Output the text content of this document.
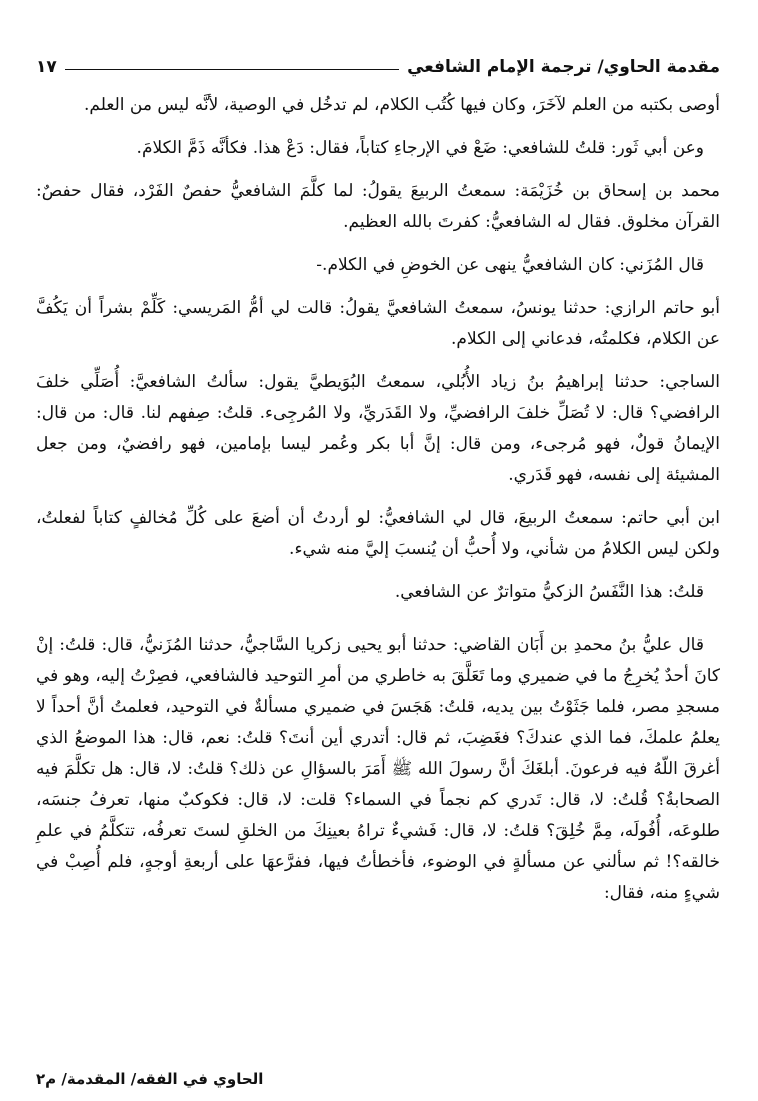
مقدمة الحاوي/ ترجمة الإمام الشافعي
١٧

أوصى بكتبه من العلم لآخَرَ، وكان فيها كُتُب الكلام، لم تدخُل في الوصية، لأنَّه ليس من العلم.

وعن أبي ثَور: قلتُ للشافعي: ضَعْ في الإرجاءِ كتاباً، فقال: دَعْ هذا. فكأنَّه ذَمَّ الكلامَ.

محمد بن إسحاق بن خُزَيْمَة: سمعتُ الربيعَ يقولُ: لما كلَّمَ الشافعيُّ حفصٌ الفَرْد، فقال حفصٌ: القرآن مخلوق. فقال له الشافعيُّ: كفرتَ بالله العظيم.

قال المُزَني: كان الشافعيُّ ينهى عن الخوضِ في الكلام.-

أبو حاتم الرازي: حدثنا يونسُ، سمعتُ الشافعيَّ يقولُ: قالت لي أمُّ المَريسي: كَلِّمْ بشراً أن يَكُفَّ عن الكلام، فكلمتُه، فدعاني إلى الكلام.

الساجي: حدثنا إبراهيمُ بنُ زياد الأُبُلي، سمعتُ البُوَيطيَّ يقول: سألتُ الشافعيَّ: أُصَلِّي خلفَ الرافضي؟ قال: لا تُصَلِّ خلفَ الرافضيِّ، ولا القَدَريِّ، ولا المُرجِىء. قلتُ: صِفهم لنا. قال: من قال: الإيمانُ قولٌ، فهو مُرجىء، ومن قال: إنَّ أبا بكر وعُمر ليسا بإمامين، فهو رافضيٌ، ومن جعل المشيئة إلى نفسه، فهو قَدَري.

ابن أبي حاتم: سمعتُ الربيعَ، قال لي الشافعيُّ: لو أردتُ أن أضعَ على كُلِّ مُخالفٍ كتاباً لفعلتُ، ولكن ليس الكلامُ من شأني، ولا أُحبُّ أن يُنسبَ إليَّ منه شيء.

قلتُ: هذا النَّفَسُ الزكيُّ متواترٌ عن الشافعي.

قال عليُّ بنُ محمدِ بن أَبَان القاضي: حدثنا أبو يحيى زكريا السَّاجيُّ، حدثنا المُزَنيُّ، قال: قلتُ: إنْ كانَ أحدٌ يُخرِجُ ما في ضميري وما تَعَلَّقَ به خاطري من أمرِ التوحيد فالشافعي، فصِرْتُ إليه، وهو في مسجدِ مصر، فلما جَثَوْتُ بين يديه، قلتُ: هَجَسَ في ضميري مسألةٌ في التوحيد، فعلمتُ أنَّ أحداً لا يعلمُ علمكَ، فما الذي عندكَ؟ فغَضِبَ، ثم قال: أتدري أين أنتَ؟ قلتُ: نعم، قال: هذا الموضعُ الذي أغرقَ اللّهُ فيه فرعونَ. أبلغَكَ أنَّ رسولَ الله ﷺ أَمَرَ بالسؤالِ عن ذلك؟ قلتُ: لا، قال: هل تكلَّمَ فيه الصحابةُ؟ قُلتُ: لا، قال: تَدري كم نجماً في السماء؟ قلت: لا، قال: فكوكبٌ منها، تعرفُ جنسَه، طلوعَه، أُفُولَه، مِمَّ خُلِقَ؟ قلتُ: لا، قال: فَشيءٌ تراهُ بعينِكَ من الخلقِ لستَ تعرفُه، تتكلَّمُ في علمِ خالقه؟! ثم سألني عن مسألةٍ في الوضوء، فأخطأتُ فيها، ففرَّعهَا على أربعةِ أوجهٍ، فلم أُصِبْ في شيءٍ منه، فقال:

الحاوي في الفقه/ المقدمة/ م٢
